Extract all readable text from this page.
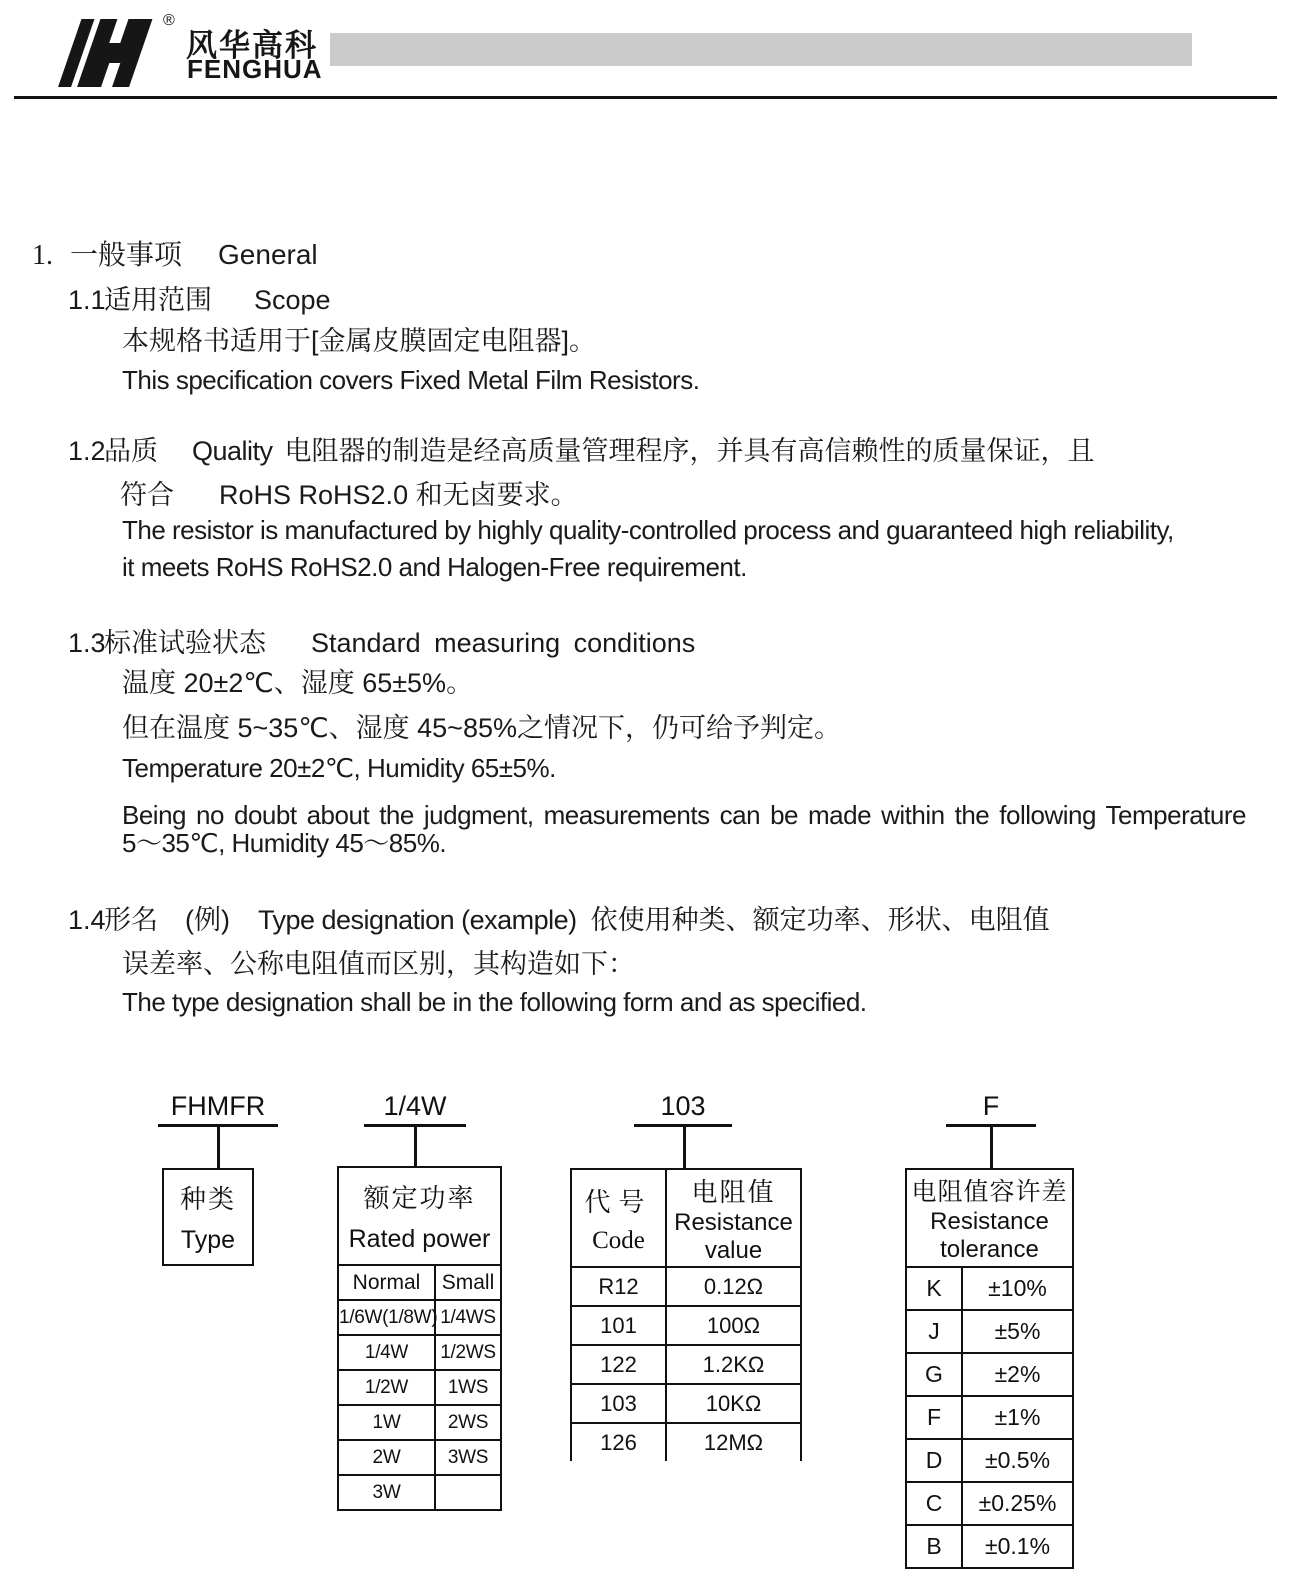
®
风华高科
FENGHUA
1. 一般事项 General
1.1适用范围 Scope
本规格书适用于[金属皮膜固定电阻器]。
This specification covers Fixed Metal Film Resistors.
1.2品质 Quality 电阻器的制造是经高质量管理程序，并具有高信赖性的质量保证，且
符合 RoHS RoHS2.0 和无卤要求。
The resistor is manufactured by highly quality-controlled process and guaranteed high reliability,
it meets RoHS RoHS2.0 and Halogen-Free requirement.
1.3标准试验状态 Standard measuring conditions
温度 20±2℃、湿度 65±5%。
但在温度 5~35℃、湿度 45~85%之情况下，仍可给予判定。
Temperature 20±2℃, Humidity 65±5%.
Being no doubt about the judgment, measurements can be made within the following Temperature
5～35℃, Humidity 45～85%.
1.4形名　(例) Type designation (example) 依使用种类、额定功率、形状、电阻值
误差率、公称电阻值而区别，其构造如下：
The type designation shall be in the following form and as specified.
FHMFR	1/4W	103	F
种类
Type
额定功率
Rated power	

Normal	Small
1/6W(1/8W)	1/4WS
1/4W	1/2WS
1/2W	1WS
1W	2WS
2W	3WS
3W	
代号
Code

电阻值
Resistance
value

R12	0.12Ω
101	100Ω
122	1.2KΩ
103	10KΩ
126	12MΩ
电阻值容许差
Resistance
tolerance	

K	±10%
J	±5%
G	±2%
F	±1%
D	±0.5%
C	±0.25%
B	±0.1%
